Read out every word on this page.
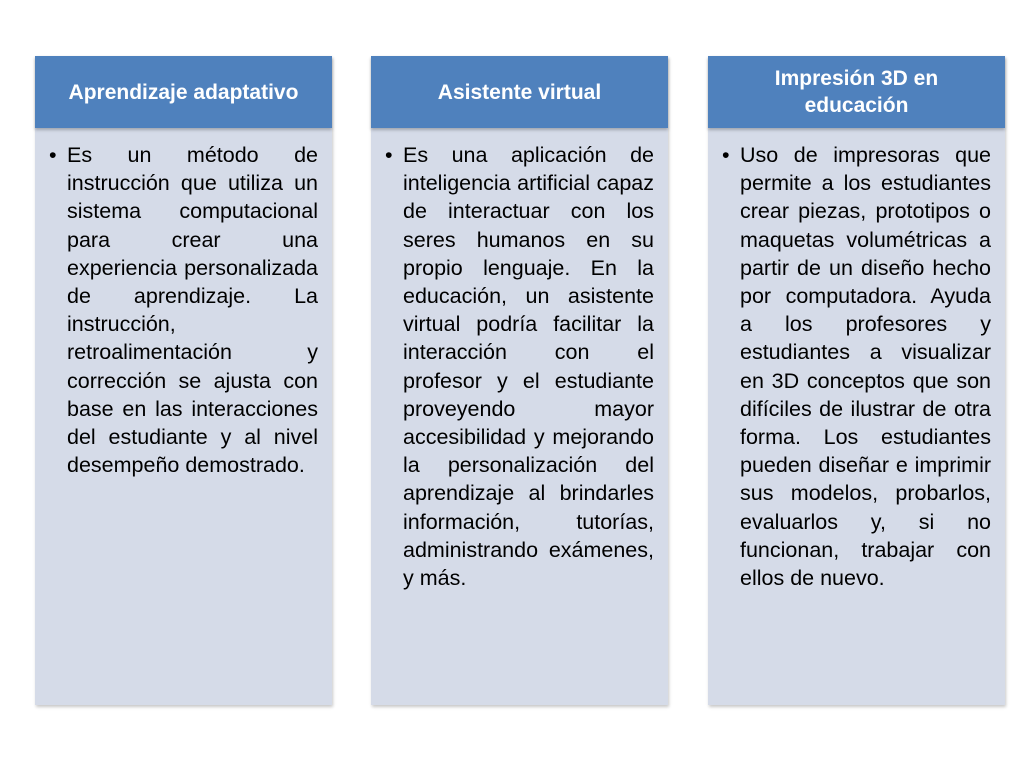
Aprendizaje adaptativo
• Es un método de instrucción que utiliza un sistema computacional para crear una experiencia personalizada de aprendizaje. La instrucción, retroalimentación y corrección se ajusta con base en las interacciones del estudiante y al nivel desempeño demostrado.
Asistente virtual
• Es una aplicación de inteligencia artificial capaz de interactuar con los seres humanos en su propio lenguaje. En la educación, un asistente virtual podría facilitar la interacción con el profesor y el estudiante proveyendo mayor accesibilidad y mejorando la personalización del aprendizaje al brindarles información, tutorías, administrando exámenes, y más.
Impresión 3D en educación
• Uso de impresoras que permite a los estudiantes crear piezas, prototipos o maquetas volumétricas a partir de un diseño hecho por computadora. Ayuda a los profesores y estudiantes a visualizar en 3D conceptos que son difíciles de ilustrar de otra forma. Los estudiantes pueden diseñar e imprimir sus modelos, probarlos, evaluarlos y, si no funcionan, trabajar con ellos de nuevo.
